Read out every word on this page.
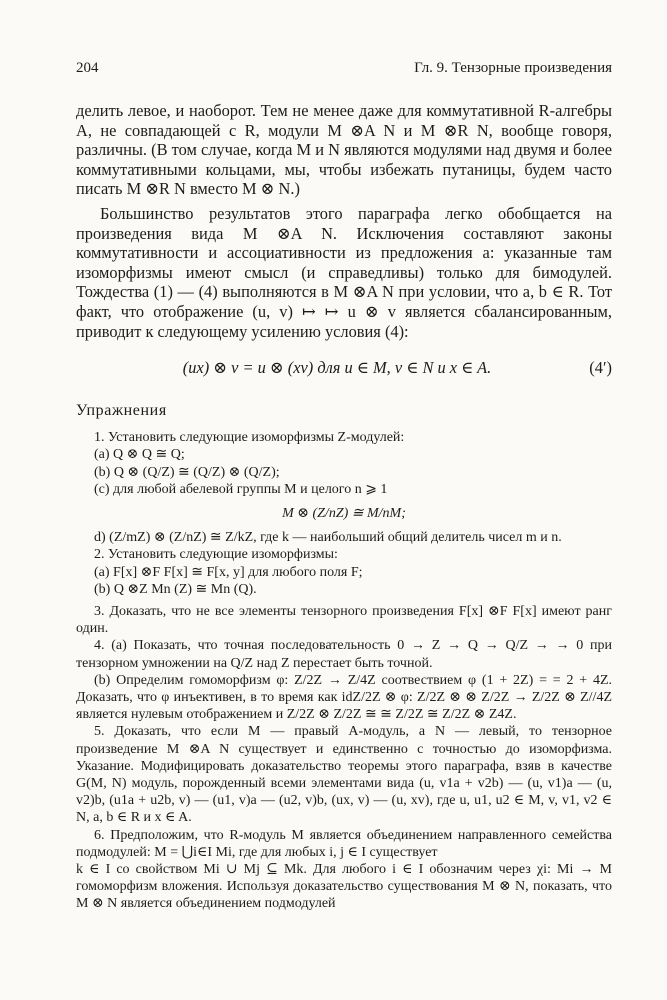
204	Гл. 9. Тензорные произведения

делить левое, и наоборот. Тем не менее даже для коммутативной R-алгебры A, не совпадающей с R, модули M ⊗A N и M ⊗R N, вообще говоря, различны. (В том случае, когда M и N являются модулями над двумя и более коммутативными кольцами, мы, чтобы избежать путаницы, будем часто писать M ⊗R N вместо M ⊗ N.)

Большинство результатов этого параграфа легко обобщается на произведения вида M ⊗A N. Исключения составляют законы коммутативности и ассоциативности из предложения a: указанные там изоморфизмы имеют смысл (и справедливы) только для бимодулей. Тождества (1) — (4) выполняются в M ⊗A N при условии, что a, b ∈ R. Тот факт, что отображение (u, v) ↦ ↦ u ⊗ v является сбалансированным, приводит к следующему усилению условия (4):

(ux) ⊗ v = u ⊗ (xv) для u ∈ M, v ∈ N и x ∈ A.	(4′)
Упражнения
1. Установить следующие изоморфизмы Z-модулей:
(a) Q ⊗ Q ≅ Q;
(b) Q ⊗ (Q/Z) ≅ (Q/Z) ⊗ (Q/Z);
(c) для любой абелевой группы M и целого n ⩾ 1
M ⊗ (Z/nZ) ≅ M/nM;
d) (Z/mZ) ⊗ (Z/nZ) ≅ Z/kZ, где k — наибольший общий делитель чисел m и n.
2. Установить следующие изоморфизмы:
(a) F[x] ⊗F F[x] ≅ F[x, y] для любого поля F;
(b) Q ⊗Z Mn (Z) ≅ Mn (Q).
3. Доказать, что не все элементы тензорного произведения F[x] ⊗F F[x] имеют ранг один.
4. (a) Показать, что точная последовательность 0 → Z → Q → Q/Z → → 0 при тензорном умножении на Q/Z над Z перестает быть точной.
(b) Определим гомоморфизм φ: Z/2Z → Z/4Z соотвествием φ (1 + 2Z) = = 2 + 4Z. Доказать, что φ инъективен, в то время как idZ/2Z ⊗ φ: Z/2Z ⊗ ⊗ Z/2Z → Z/2Z ⊗ Z//4Z является нулевым отображением и Z/2Z ⊗ Z/2Z ≅ ≅ Z/2Z ≅ Z/2Z ⊗ Z4Z.
5. Доказать, что если M — правый A-модуль, а N — левый, то тензорное произведение M ⊗A N существует и единственно с точностью до изоморфизма. Указание. Модифицировать доказательство теоремы этого параграфа, взяв в качестве G(M, N) модуль, порожденный всеми элементами вида (u, v1a + v2b) — (u, v1)a — (u, v2)b, (u1a + u2b, v) — (u1, v)a — (u2, v)b, (ux, v) — (u, xv), где u, u1, u2 ∈ M, v, v1, v2 ∈ N, a, b ∈ R и x ∈ A.
6. Предположим, что R-модуль M является объединением направленного семейства подмодулей: M = ⋃i∈I Mi, где для любых i, j ∈ I существует
k ∈ I со свойством Mi ∪ Mj ⊆ Mk. Для любого i ∈ I обозначим через χi: Mi → M гомоморфизм вложения. Используя доказательство существования M ⊗ N, показать, что M ⊗ N является объединением подмодулей
